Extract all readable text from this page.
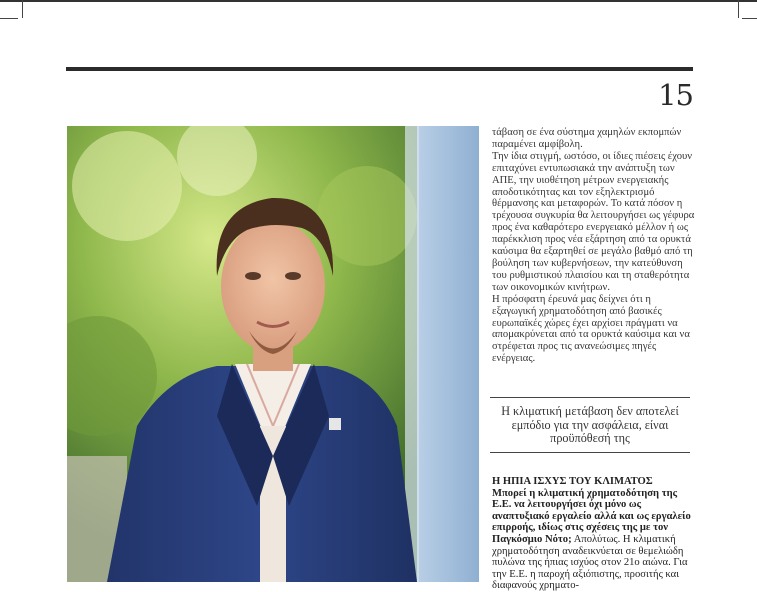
15

τάβαση σε ένα σύστημα χαμηλών εκπομπών παραμένει αμφίβολη.

Την ίδια στιγμή, ωστόσο, οι ίδιες πιέσεις έχουν επιταχύνει εντυπωσιακά την ανάπτυξη των ΑΠΕ, την υιοθέτηση μέτρων ενεργειακής αποδοτικότητας και τον εξηλεκτρισμό θέρμανσης και μεταφορών. Το κατά πόσον η τρέχουσα συγκυρία θα λειτουργήσει ως γέφυρα προς ένα καθαρότερο ενεργειακό μέλλον ή ως παρέκκλιση προς νέα εξάρτηση από τα ορυκτά καύσιμα θα εξαρτηθεί σε μεγάλο βαθμό από τη βούληση των κυβερνήσεων, την κατεύθυνση του ρυθμιστικού πλαισίου και τη σταθερότητα των οικονομικών κινήτρων.

Η πρόσφατη έρευνά μας δείχνει ότι η εξαγωγική χρηματοδότηση από βασικές ευρωπαϊκές χώρες έχει αρχίσει πράγματι να απομακρύνεται από τα ορυκτά καύσιμα και να στρέφεται προς τις ανανεώσιμες πηγές ενέργειας.

Η κλιματική μετάβαση δεν αποτελεί εμπόδιο για την ασφάλεια, είναι προϋπόθεσή της
Η ΗΠΙΑ ΙΣΧΥΣ ΤΟΥ ΚΛΙΜΑΤΟΣ
Μπορεί η κλιματική χρηματοδότηση της Ε.Ε. να λειτουργήσει όχι μόνο ως αναπτυξιακό εργαλείο αλλά και ως εργαλείο επιρροής, ιδίως στις σχέσεις της με τον Παγκόσμιο Νότο; Απολύτως. Η κλιματική χρηματοδότηση αναδεικνύεται σε θεμελιώδη πυλώνα της ήπιας ισχύος στον 21ο αιώνα. Για την Ε.Ε. η παροχή αξιόπιστης, προσιτής και διαφανούς χρηματο-
